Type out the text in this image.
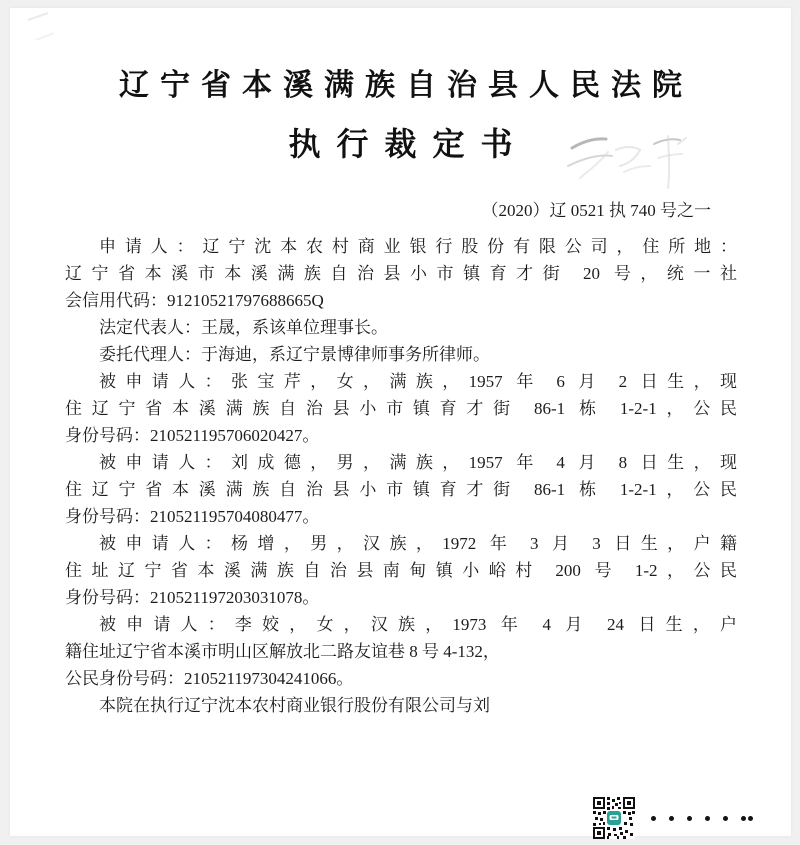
辽宁省本溪满族自治县人民法院
执行裁定书
（2020）辽 0521 执 740 号之一
申请人：辽宁沈本农村商业银行股份有限公司，住所地：
辽宁省本溪市本溪满族自治县小市镇育才街 20 号，统一社
会信用代码：91210521797688665Q
法定代表人：王晟，系该单位理事长。
委托代理人：于海迪，系辽宁景博律师事务所律师。
被申请人：张宝芹，女，满族，1957 年 6 月 2 日生，现
住辽宁省本溪满族自治县小市镇育才街 86-1 栋 1-2-1，公民
身份号码：210521195706020427。
被申请人：刘成德，男，满族，1957 年 4 月 8 日生，现
住辽宁省本溪满族自治县小市镇育才街 86-1 栋 1-2-1，公民
身份号码：210521195704080477。
被申请人：杨增，男，汉族，1972 年 3 月 3 日生，户籍
住址辽宁省本溪满族自治县南甸镇小峪村 200 号 1-2，公民
身份号码：210521197203031078。
被申请人：李姣，女，汉族，1973 年 4 月 24 日生，户
籍住址辽宁省本溪市明山区解放北二路友谊巷 8 号 4-132，
公民身份号码：210521197304241066。
本院在执行辽宁沈本农村商业银行股份有限公司与刘
